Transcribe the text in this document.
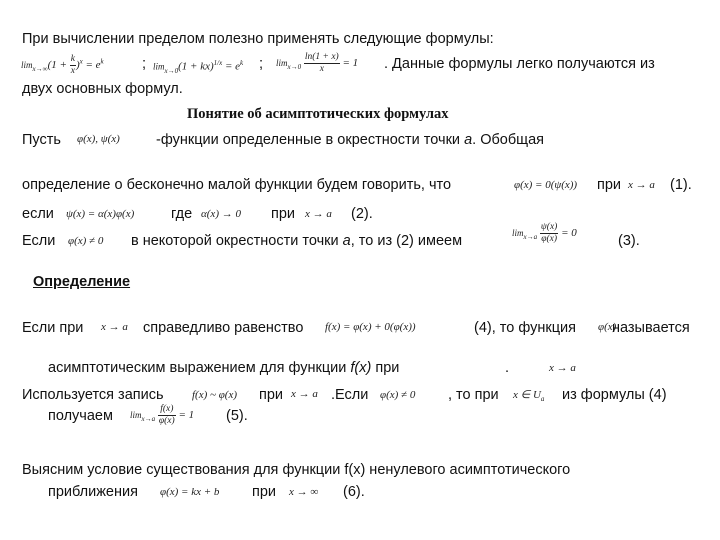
При вычислении пределом полезно применять следующие формулы:
$\lim_{x\to\infty}(1 + \frac{k}{x} )^x = e^k$	; $\lim_{x\to 0}(1 + kx)^{1/x} = e^k$ ; $\lim_{x\to 0} \frac{\ln(1 + x)}{x} = 1$ . Данные формулы легко получаются из
двух основных формул.
Понятие об асимптотических формулах
Пусть φ(x), ψ(x) -функции определенные в окрестности точки a. Обобщая
определение о бесконечно малой функции будем говорить, что	φ(x) = 0(ψ(x)) при x → a (1).
если ψ(x) = α(x)φ(x)	где α(x) → 0 при x → a (2).
Если φ(x) ≠ 0 в некоторой окрестности точки a, то из (2) имеем	$\lim_{x\to a} \frac{\psi(x)}{\varphi(x)} = 0$	(3).
Определение
Если при x → a справедливо равенство f(x) = φ(x) + 0(φ(x))	(4), то функция φ(x)
называется
асимптотическим выражением для функции f(x) при	.	x → a
Используется запись	f(x) ~ φ(x) при x → a .Если φ(x) ≠ 0 , то при x ∈ $U_a$ из формулы (4)
получаем $\lim_{x\to a} \frac{f(x)}{\varphi(x)} = 1$ (5).
Выясним условие существования для функции f(x) ненулевого асимптотического
приближения φ(x) = kx + b при x → ∞ (6).
